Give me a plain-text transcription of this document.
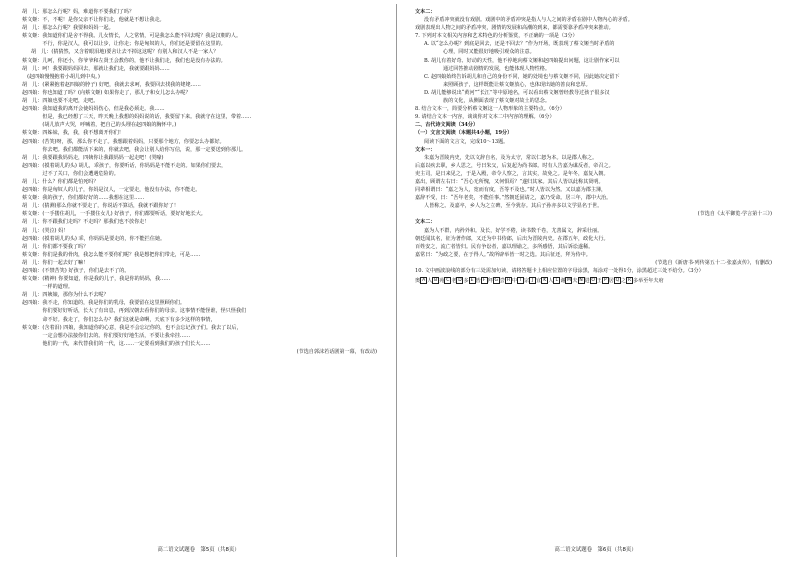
胡　儿：那怎么行呢？妈，难道你不要我们了吗？
蔡文姬：不，不呢！是你父亲不让你们走，他就是不想让我走。
胡　儿：那怎么行呢？我要和妈妈一起。
蔡文姬：我知道你们是舍不得我。儿女情长，人之常情，可是我怎么能不回去呢？我是汉朝的人。
　　　　不行，你是汉人，我可以让步，让你走；你是匈奴的人，你们还是要留在这里的。
胡　儿：(猜猜然，又含着眼泪地)要舍让去不掉这这呢？有别人和汉人不是一家人？
蔡文姬：儿呵，你还小，你爷爷和左贤王会教你的，他不让我们走，我们也是没有办法的。
胡　儿：呵！我要跟妈妈回去，那就让我们走，我就要跟妈妈……
　(赵四娘慢慢抱着小胡儿到中央。)
胡　儿：(紧紧抱着赵四娘的脖子) 好吧，我就去求呵，我要回去找我的姥姥……
赵四娘：你也知道了吗？(向蔡文姬) 如果你走了，那儿子和女儿怎么办呢？
胡　儿：四娘也要不走吧，走吧。
赵四娘：我知道我的离开会使妈妈伤心，但是我必须走。我……
　　　　但是，我已经想了三天，昨天晚上我想的妈妈说的话，我要留下来。我就守在这里，带着……
　　　　(胡儿放声大哭，呼喊着，把自己的头埋在赵四娘的胸怀中。)
蔡文姬：四姊妹，我，我，我不想离开你们！
赵四娘：(苦笑)呀，那，那么你不走了。我想跟着妈妈，只要那个地方，你要怎么办都好。
　　　　你去吧。我们都能活下来的，你就去吧，我会让别人给你写信，说，那一定要送到你那儿。
胡　儿：我要跟我妈妈走，四姨你让我跟妈妈一起走吧！(哭嚎)
赵四娘：(摸着胡儿的头) 胡儿，乖孩子，你要听话，你妈妈是不能不走的。如果你们要去，
　　　　过不了关口，你们会遭遇危险的。
胡　儿：什么？你们都是怕死吗？
赵四娘：你是匈奴人的儿子，你妈是汉人，一定要走，他没有办法，你不能走。
蔡文姬：我的孩子，你们都好好的……我想在这里……
胡　儿：(猜测)那么你就不要走了，你说话不算话，我就不跟你好了！
蔡文姬：(一手搂住胡儿，一手搂住女儿) 好孩子，你们都要听话，要好好地长大。
胡　儿：你不跟我们走吗？不走吗？那我们也不放你走！
胡　儿：(哭泣) 妈！
赵四娘：(摸着胡儿的头) 乖，你妈妈是要走的，你不能拦住她。
胡　儿：你们都不要我了吗？
蔡文姬：你们是我的骨肉，我怎么能不要你们呢？我是想把你们带走，可是……
胡　儿：你们一起去好了嘛！
赵四娘：(不禁苦笑) 好孩子，你们是去不了的。
蔡文姬：(精神) 你要知道，你是我的儿子，我是你的妈妈，我……
　　　　一样的道理。
胡　儿：四姨娘，那你为什么不去呢？
赵四娘：我不走，你知道的，我是你们的乳母，我要留在这里照顾你们。
　　　　你们要好好听话，长大了有出息，再到汉朝去看你们的母亲。这事情不能怪谁，怪只怪我们
　　　　命不好。我走了，你们怎么办？我们这就是命啊，天底下有多少这样的事情，
蔡文姬：(含着泪) 四娘，我知道你的心意，我是不会忘记你的，也不会忘记孩子们。我去了以后，
　　　　一定会想办法接你们去的。你们要好好地生活，不要让我牵挂……
　　　　他们的一代，来代替我们的一代，这……一定要看到我们的孩子们长大……
(节选自郭沫若话剧第一幕，有改动)
高二语文试题卷　第5页（共8页）
文本二：
没有矛盾冲突就没有戏剧。戏剧中的矛盾冲突是指人与人之间的矛盾在剧中人物内心的矛盾。
戏剧表现出人物之间的矛盾冲突，剧情的发展和高潮的到来，都需要靠矛盾冲突来推动。
7. 下列对本文相关内容和艺术特色的分析鉴赏，不正确的一项是（3分）
A. 以“怎么办呢？到底是回去，还是不回去？”作为开场，既表现了蔡文姬当时矛盾的
心理，同时又能很好地吸引观众的注意。
B. 胡儿有着好奇、好动的天性，他不停地向蔡文姬和赵四娘提出问题，这让剧作家可以
通过回答推动剧情的发展，也能体现人物性格。
C. 赵四娘始终告诉胡儿和自己的身份不同，她的处境也与蔡文姬不同，因此她决定留下
来照顾孩子，这样既能让蔡文姬放心，也体现出她的善良和忠厚。
D. 胡儿能够说出“黄河”“长江”等中原地名，可以看出蔡文姬曾经教导过孩子很多汉
族的文化，从侧面表现了蔡文姬对故土的思念。
8. 结合文本一，简要分析蔡文姬这一人物形象的主要特点。（6分）
9. 请结合文本一内容，谈谈你对文本二中内容的理解。（6分）
二、古代诗文阅读（34分）
（一）文言文阅读（本题共4小题，19分）
阅读下面的文言文，完成10～13题。
文本一：
朱嘉为晋陵内史，先以文辞自名，及为太守，常以仁恕为本。以是郡人称之。
后嘉以疾去职，乡人思之，号曰朱父，后复起为尚书郎。时有人告嘉为谋反者，帝召之。
吏主司，是日来见之，于是入殿，帝令人察之，言其实，故免之。是年冬，嘉复入朝。
嘉出，顾谓左右曰：“吾心无所愧，又何惧焉？”遂归其家。其后人皆以此称其贤明。
同辈相谓曰：“嘉之为人，宽而有度，吾等不及也。”时人皆以为然。又以嘉为郡主簿，
嘉辞不受，曰：“吾年老矣，不能任事。”然朝廷固请之，嘉乃受命。居三年，郡中大治。
人皆称之。及嘉卒，乡人为之立碑，至今犹存。其后子孙亦多以文学显名于世。
(节选自《太平御览·学言第十三》)
文本二：
嘉为人不群，内矜外和。及长，好学不倦，读书数千卷，尤善属文，辞采壮丽。
朝廷闻其名，征为著作郎，又迁为中书侍郎，后出为晋陵内史。在郡五年，政化大行。
百姓安之，流亡者皆归。民有争讼者，嘉以理谕之，多所感悟，其后诉讼遂稀。
嘉常曰：“为政之要，在于得人。”故所辟举皆一时之选。其后征还，拜为侍中。
(节选自《新唐书·列传第五十二·张嘉贞传》，有删改)
10. 文中画波浪线的部分有三处需加句读，请将答题卡上相应位置的字母涂黑，每涂对一处得1分，涂黑超过三处不给分。（3分）
奥 A 人 B 苑 C 老 D 多 E 皆 F 拜 G 尝 H 中 I 宗 J 宜 K 人 L 谢 M 夫 N 进 O 王 P 居 Q 之 R 多举至年夫府
高二语文试题卷　第6页（共8页）
